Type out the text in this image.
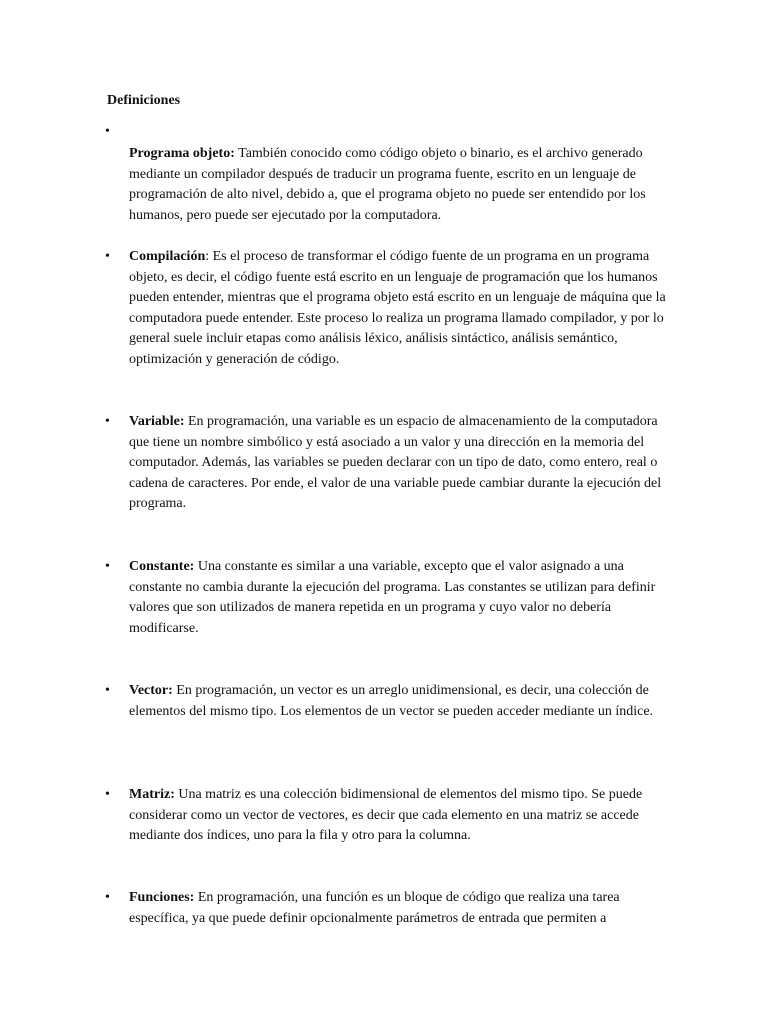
Definiciones
•
Programa objeto: También conocido como código objeto o binario, es el archivo generado mediante un compilador después de traducir un programa fuente, escrito en un lenguaje de programación de alto nivel, debido a, que el programa objeto no puede ser entendido por los humanos, pero puede ser ejecutado por la computadora.
• Compilación: Es el proceso de transformar el código fuente de un programa en un programa objeto, es decir, el código fuente está escrito en un lenguaje de programación que los humanos pueden entender, mientras que el programa objeto está escrito en un lenguaje de máquina que la computadora puede entender. Este proceso lo realiza un programa llamado compilador, y por lo general suele incluir etapas como análisis léxico, análisis sintáctico, análisis semántico, optimización y generación de código.
• Variable: En programación, una variable es un espacio de almacenamiento de la computadora que tiene un nombre simbólico y está asociado a un valor y una dirección en la memoria del computador. Además, las variables se pueden declarar con un tipo de dato, como entero, real o cadena de caracteres. Por ende, el valor de una variable puede cambiar durante la ejecución del programa.
• Constante: Una constante es similar a una variable, excepto que el valor asignado a una constante no cambia durante la ejecución del programa. Las constantes se utilizan para definir valores que son utilizados de manera repetida en un programa y cuyo valor no debería modificarse.
• Vector: En programación, un vector es un arreglo unidimensional, es decir, una colección de elementos del mismo tipo. Los elementos de un vector se pueden acceder mediante un índice.
• Matriz: Una matriz es una colección bidimensional de elementos del mismo tipo. Se puede considerar como un vector de vectores, es decir que cada elemento en una matriz se accede mediante dos índices, uno para la fila y otro para la columna.
• Funciones: En programación, una función es un bloque de código que realiza una tarea específica, ya que puede definir opcionalmente parámetros de entrada que permiten a
